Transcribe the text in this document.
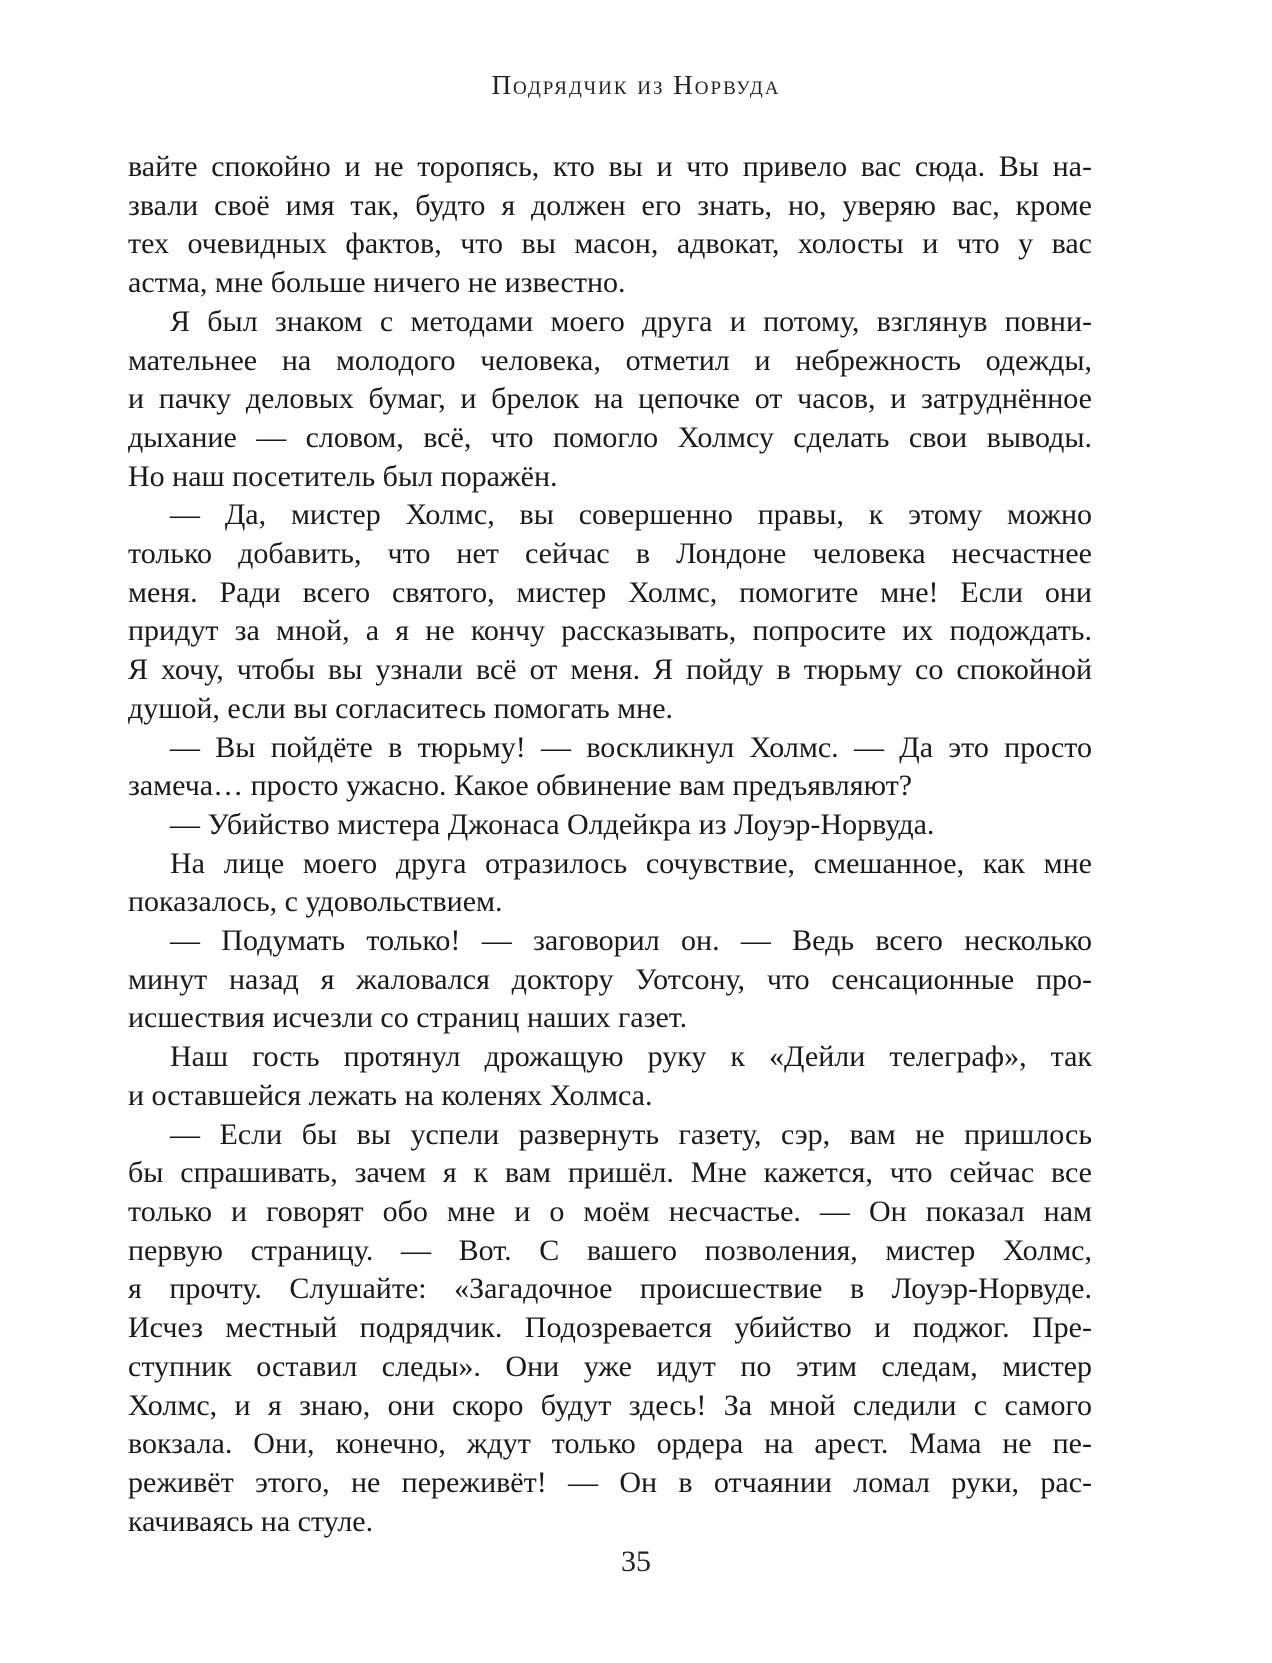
Подрядчик из Норвуда
вайте спокойно и не торопясь, кто вы и что привело вас сюда. Вы на-
звали своё имя так, будто я должен его знать, но, уверяю вас, кроме
тех очевидных фактов, что вы масон, адвокат, холосты и что у вас
астма, мне больше ничего не известно.
Я был знаком с методами моего друга и потому, взглянув повни-
мательнее на молодого человека, отметил и небрежность одежды,
и пачку деловых бумаг, и брелок на цепочке от часов, и затруднённое
дыхание — словом, всё, что помогло Холмсу сделать свои выводы.
Но наш посетитель был поражён.
— Да, мистер Холмс, вы совершенно правы, к этому можно
только добавить, что нет сейчас в Лондоне человека несчастнее
меня. Ради всего святого, мистер Холмс, помогите мне! Если они
придут за мной, а я не кончу рассказывать, попросите их подождать.
Я хочу, чтобы вы узнали всё от меня. Я пойду в тюрьму со спокойной
душой, если вы согласитесь помогать мне.
— Вы пойдёте в тюрьму! — воскликнул Холмс. — Да это просто
замеча… просто ужасно. Какое обвинение вам предъявляют?
— Убийство мистера Джонаса Олдейкра из Лоуэр-Норвуда.
На лице моего друга отразилось сочувствие, смешанное, как мне
показалось, с удовольствием.
— Подумать только! — заговорил он. — Ведь всего несколько
минут назад я жаловался доктору Уотсону, что сенсационные про-
исшествия исчезли со страниц наших газет.
Наш гость протянул дрожащую руку к «Дейли телеграф», так
и оставшейся лежать на коленях Холмса.
— Если бы вы успели развернуть газету, сэр, вам не пришлось
бы спрашивать, зачем я к вам пришёл. Мне кажется, что сейчас все
только и говорят обо мне и о моём несчастье. — Он показал нам
первую страницу. — Вот. С вашего позволения, мистер Холмс,
я прочту. Слушайте: «Загадочное происшествие в Лоуэр-Норвуде.
Исчез местный подрядчик. Подозревается убийство и поджог. Пре-
ступник оставил следы». Они уже идут по этим следам, мистер
Холмс, и я знаю, они скоро будут здесь! За мной следили с самого
вокзала. Они, конечно, ждут только ордера на арест. Мама не пе-
реживёт этого, не переживёт! — Он в отчаянии ломал руки, рас-
качиваясь на стуле.
35
